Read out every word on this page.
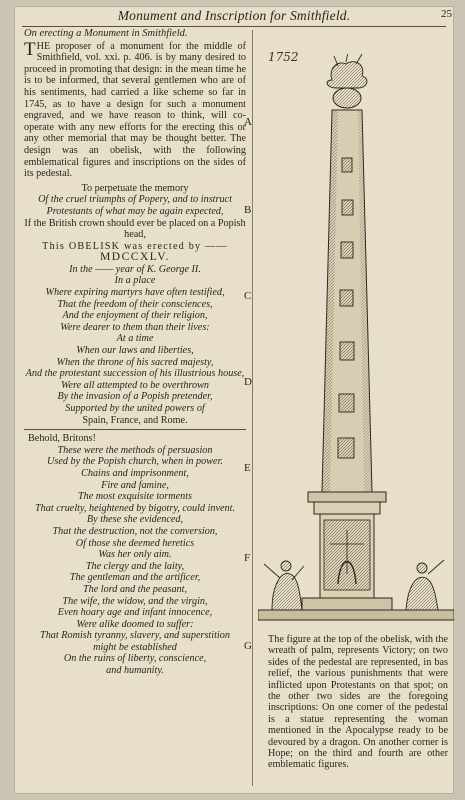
Monument and Inscription for Smithfield.	25

On erecting a Monument in Smithfield.

THE proposer of a monument for the middle of Smithfield, vol. xxi. p. 406. is by many desired to proceed in promoting that design: in the mean time he is to be informed, that several gentlemen who are of his sentiments, had carried a like scheme so far in 1745, as to have a design for such a monument engraved, and we have reason to think, will co-operate with any new efforts for the erecting this or any other memorial that may be thought better. The design was an obelisk, with the following emblematical figures and inscriptions on the sides of its pedestal.

To perpetuate the memory

Of the cruel triumphs of Popery, and to instruct Protestants of what may be again expected,

If the British crown should ever be placed on a Popish head,

This OBELISK was erected by ——

MDCCXLV.

In the —— year of K. George II.

In a place

Where expiring martyrs have often testified,

That the freedom of their consciences,

And the enjoyment of their religion,

Were dearer to them than their lives:

At a time

When our laws and liberties,

When the throne of his sacred majesty,

And the protestant succession of his illustrious house,

Were all attempted to be overthrown

By the invasion of a Popish pretender,

Supported by the united powers of

Spain, France, and Rome.

Behold, Britons!

These were the methods of persuasion

Used by the Popish church, when in power.

Chains and imprisonment,

Fire and famine,

The most exquisite torments

That cruelty, heightened by bigotry, could invent.

By these she evidenced,

That the destruction, not the conversion,

Of those she deemed heretics

Was her only aim.

The clergy and the laity,

The gentleman and the artificer,

The lord and the peasant,

The wife, the widow, and the virgin,

Even hoary age and infant innocence,

Were alike doomed to suffer:

That Romish tyranny, slavery, and superstition

might be established

On the ruins of liberty, conscience,

and humanity.

A
B
C
D
E
F
G
1752

The figure at the top of the obelisk, with the wreath of palm, represents Victory; on two sides of the pedestal are represented, in bas relief, the various punishments that were inflicted upon Protestants on that spot; on the other two sides are the foregoing inscriptions: On one corner of the pedestal is a statue representing the woman mentioned in the Apocalypse ready to be devoured by a dragon. On another corner is Hope; on the third and fourth are other emblematic figures.
